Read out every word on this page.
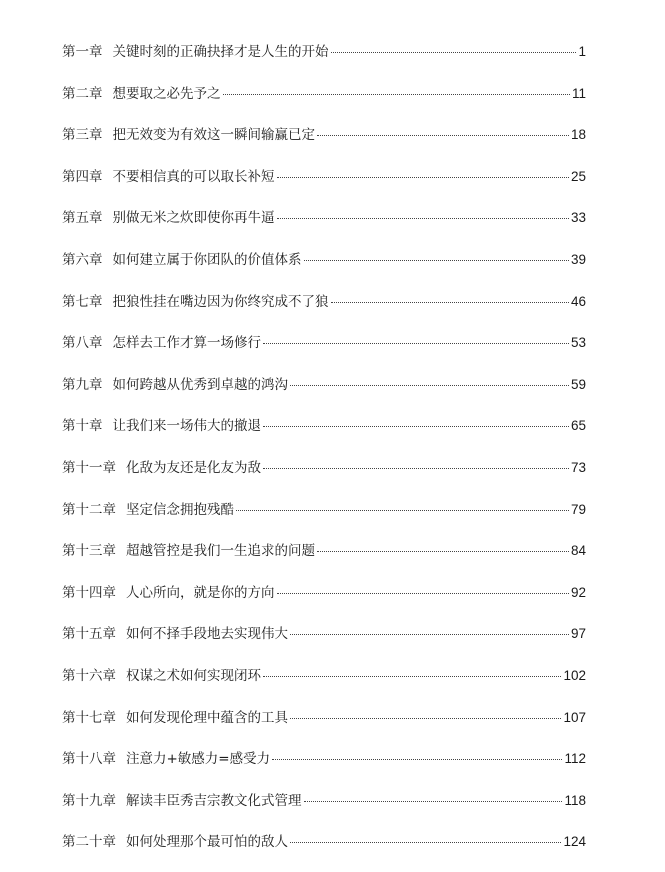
第一章 关键时刻的正确抉择才是人生的开始	1
第二章 想要取之必先予之	11
第三章 把无效变为有效这一瞬间输赢已定	18
第四章 不要相信真的可以取长补短	25
第五章 别做无米之炊即使你再牛逼	33
第六章 如何建立属于你团队的价值体系	39
第七章 把狼性挂在嘴边因为你终究成不了狼	46
第八章 怎样去工作才算一场修行	53
第九章 如何跨越从优秀到卓越的鸿沟	59
第十章 让我们来一场伟大的撤退	65
第十一章 化敌为友还是化友为敌	73
第十二章 坚定信念拥抱残酷	79
第十三章 超越管控是我们一生追求的问题	84
第十四章 人心所向，就是你的方向	92
第十五章 如何不择手段地去实现伟大	97
第十六章 权谋之术如何实现闭环	102
第十七章 如何发现伦理中蕴含的工具	107
第十八章 注意力+敏感力=感受力	112
第十九章 解读丰臣秀吉宗教文化式管理	118
第二十章 如何处理那个最可怕的敌人	124
